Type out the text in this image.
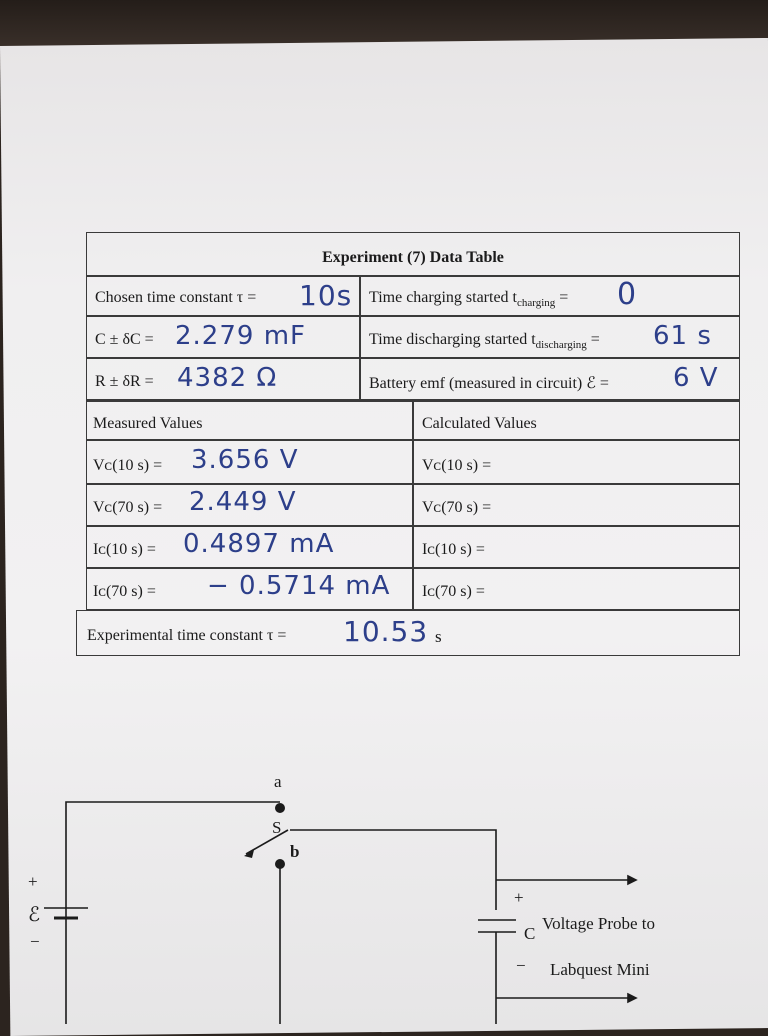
Experiment (7) Data Table
Chosen time constant τ = 10s Time charging started $t_{charging} = 0$
C ± δC = 2.279 mF	Time discharging started $t_{discharging} = 61$ s
R ± δR = 4382 Ω	Battery emf (measured in circuit) ℰ = 6 V
Measured Values	Calculated Values
Vᴄ(10 s) = 3.656 V	Vᴄ(10 s) =
Vᴄ(70 s) = 2.449 V	Vᴄ(70 s) =
Iᴄ(10 s) = 0.4897 mA	Iᴄ(10 s) =
Iᴄ(70 s) = − 0.5714 mA Iᴄ(70 s) =
Experimental time constant τ = 10.53 s
a
S
b
+
ℰ
−
+
C
−
Voltage Probe to
Labquest Mini
